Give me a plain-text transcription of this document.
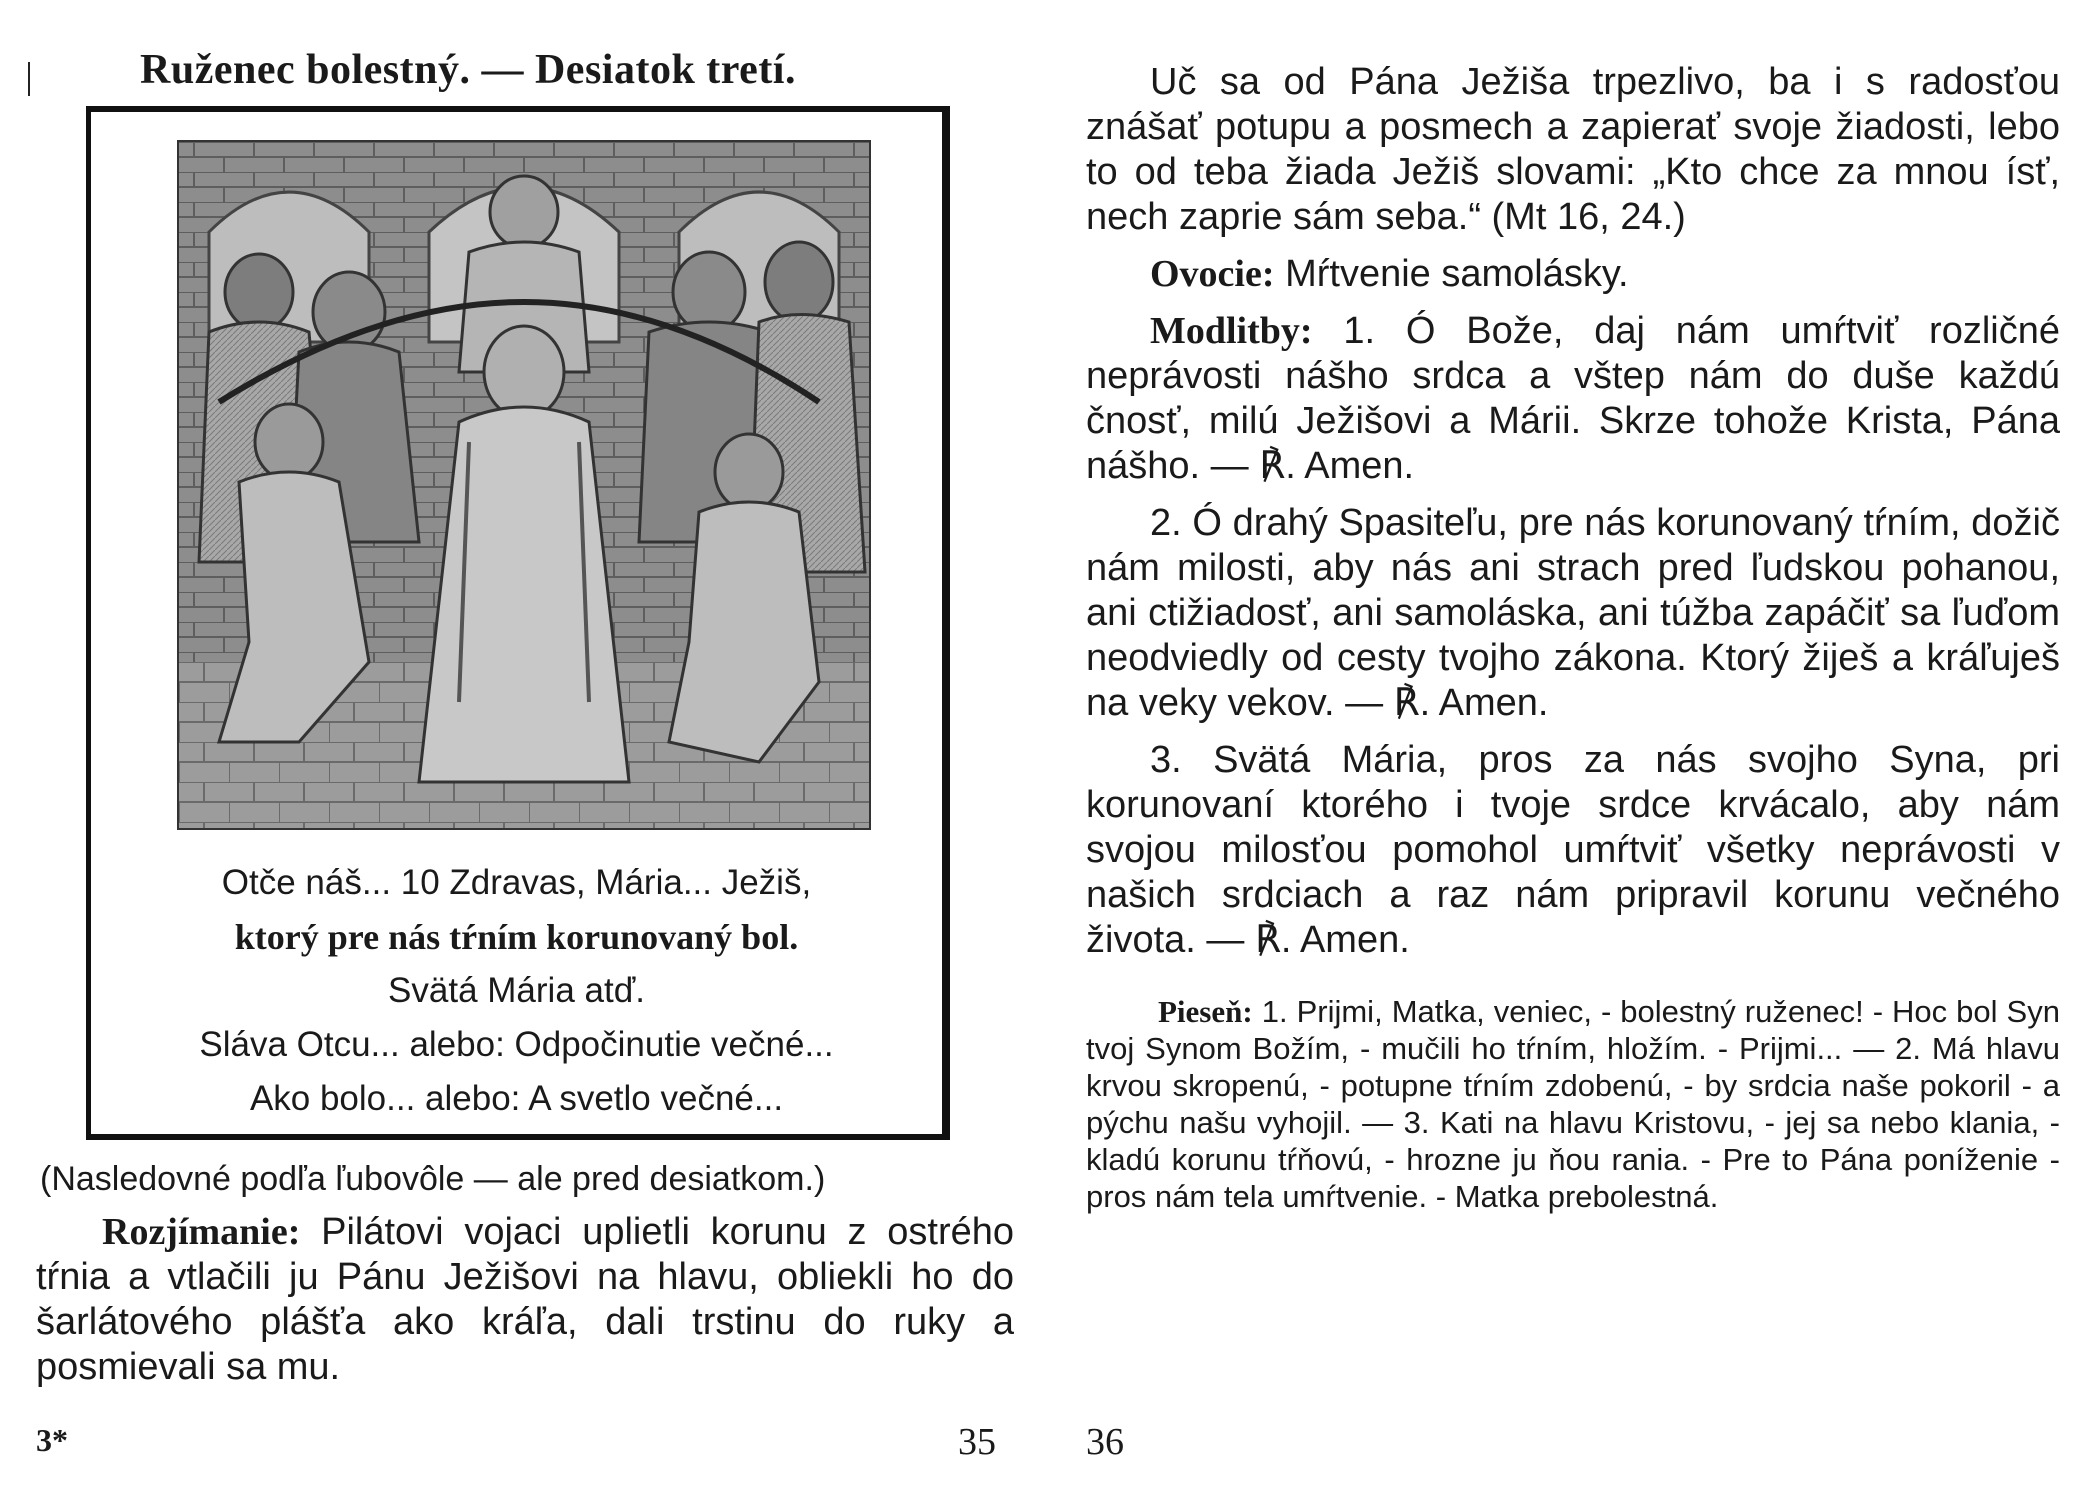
Ruženec bolestný. — Desiatok tretí.
Otče náš... 10 Zdravas, Mária... Ježiš,
ktorý pre nás tŕním korunovaný bol.
Svätá Mária atď.
Sláva Otcu... alebo: Odpočinutie večné...
Ako bolo... alebo: A svetlo večné...
(Nasledovné podľa ľubovôle — ale pred desiatkom.)

Rozjímanie: Pilátovi vojaci uplietli korunu z ostrého tŕnia a vtlačili ju Pánu Ježišovi na hlavu, obliekli ho do šarlátového plášťa ako kráľa, dali trstinu do ruky a posmievali sa mu.

3*	35

Uč sa od Pána Ježiša trpezlivo, ba i s radosťou znášať potupu a posmech a zapierať svoje žiadosti, lebo to od teba žiada Ježiš slovami: „Kto chce za mnou ísť, nech zaprie sám seba.“ (Mt 16, 24.)

Ovocie: Mŕtvenie samolásky.

Modlitby: 1. Ó Bože, daj nám umŕtviť rozličné neprávosti nášho srdca a vštep nám do duše každú čnosť, milú Ježišovi a Márii. Skrze tohože Krista, Pána nášho. — ℟. Amen.

2. Ó drahý Spasiteľu, pre nás korunovaný tŕním, dožič nám milosti, aby nás ani strach pred ľudskou pohanou, ani ctižiadosť, ani samoláska, ani túžba zapáčiť sa ľuďom neodviedly od cesty tvojho zákona. Ktorý žiješ a kráľuješ na veky vekov. — ℟. Amen.

3. Svätá Mária, pros za nás svojho Syna, pri korunovaní ktorého i tvoje srdce krvácalo, aby nám svojou milosťou pomohol umŕtviť všetky neprávosti v našich srdciach a raz nám pripravil korunu večného života. — ℟. Amen.

Pieseň: 1. Prijmi, Matka, veniec, - bolestný ruženec! - Hoc bol Syn tvoj Synom Božím, - mučili ho tŕním, hložím. - Prijmi... — 2. Má hlavu krvou skropenú, - potupne tŕním zdobenú, - by srdcia naše pokoril - a pýchu našu vyhojil. — 3. Kati na hlavu Kristovu, - jej sa nebo klania, - kladú korunu tŕňovú, - hrozne ju ňou rania. - Pre to Pána poníženie - pros nám tela umŕtvenie. - Matka prebolestná.

36
